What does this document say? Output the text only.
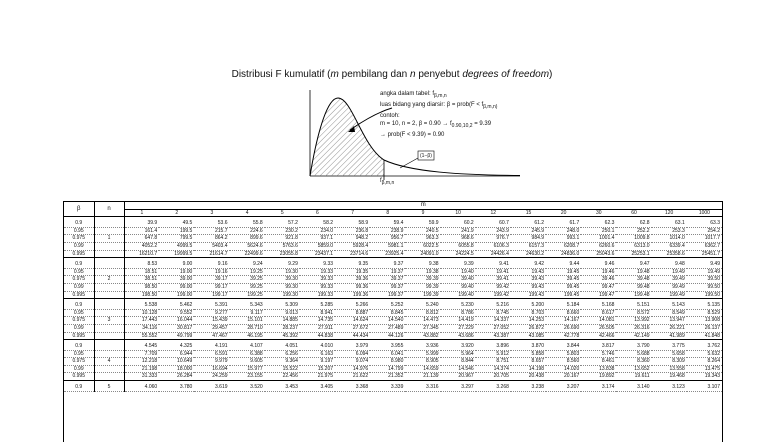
Distribusi F kumulatif (m pembilang dan n penyebut degrees of freedom)
angka dalam tabel: $f_{\beta,m,n}$
luas bidang yang diarsir: β = prob(F < $f_{\beta,m,n)}$
contoh:
m = 10, n = 2, $\beta = 0.90 \to f_{0.90,10,2} = 9.39$
→ prob(F < 9.39) = 0.90
(1−β)
$f_{\beta,m,n}$
β	n	m																
		1	2	3	4	5	6	7	8	9	10	12	15	20	30	60	120	1000

0.9		39.9	49.5	53.6	55.8	57.2	58.2	58.9	59.4	59.9	60.2	60.7	61.2	61.7	62.3	62.8	63.1	63.3
0.95		161.4	199.5	215.7	224.6	230.2	234.0	236.8	238.9	240.5	241.9	243.9	245.9	248.0	250.1	252.2	253.3	254.2
0.975	1	647.8	799.5	864.2	899.6	921.8	937.1	948.2	956.7	963.3	968.6	976.7	984.9	993.1	1001.4	1009.8	1014.0	1017.7
0.99		4052.2	4999.5	5403.4	5624.6	5763.6	5859.0	5928.4	5981.1	6022.5	6055.8	6106.3	6157.3	6208.7	6260.6	6313.0	6339.4	6362.7
0.995		16210.7	19999.5	21614.7	22499.6	23055.8	23437.1	23714.6	23925.4	24091.0	24224.5	24426.4	24630.2	24836.0	25043.6	25253.1	25358.6	25451.7

0.9		8.53	9.00	9.16	9.24	9.29	9.33	9.35	9.37	9.38	9.39	9.41	9.42	9.44	9.46	9.47	9.48	9.49
0.95		18.51	19.00	19.16	19.25	19.30	19.33	19.35	19.37	19.38	19.40	19.41	19.43	19.45	19.46	19.48	19.49	19.49
0.975	2	38.51	39.00	39.17	39.25	39.30	39.33	39.36	39.37	39.39	39.40	39.41	39.43	39.45	39.46	39.48	39.49	39.50
0.99		98.50	99.00	99.17	99.25	99.30	99.33	99.36	99.37	99.39	99.40	99.42	99.43	99.45	99.47	99.48	99.49	99.50
0.995		198.50	199.00	199.17	199.25	199.30	199.33	199.36	199.37	199.39	199.40	199.42	199.43	199.45	199.47	199.48	199.49	199.50

0.9		5.538	5.462	5.391	5.343	5.309	5.285	5.266	5.252	5.240	5.230	5.216	5.200	5.184	5.168	5.151	5.143	5.135
0.95		10.128	9.552	9.277	9.117	9.013	8.941	8.887	8.845	8.812	8.786	8.745	8.703	8.660	8.617	8.572	8.549	8.529
0.975	3	17.443	16.044	15.439	15.101	14.885	14.735	14.624	14.540	14.473	14.419	14.337	14.253	14.167	14.081	13.992	13.947	13.908
0.99		34.116	30.817	29.457	28.710	28.237	27.911	27.672	27.489	27.345	27.229	27.052	26.872	26.690	26.505	26.316	26.221	26.137
0.995		55.552	49.799	47.467	46.195	45.392	44.838	44.434	44.126	43.882	43.686	43.387	43.085	42.778	42.466	42.149	41.989	41.848

0.9		4.545	4.325	4.191	4.107	4.051	4.010	3.979	3.955	3.936	3.920	3.896	3.870	3.844	3.817	3.790	3.775	3.762
0.95		7.709	6.944	6.591	6.388	6.256	6.163	6.094	6.041	5.999	5.964	5.912	5.858	5.803	5.746	5.688	5.658	5.632
0.975	4	12.218	10.649	9.979	9.605	9.364	9.197	9.074	8.980	8.905	8.844	8.751	8.657	8.560	8.461	8.360	8.309	8.264
0.99		21.198	18.000	16.694	15.977	15.522	15.207	14.976	14.799	14.659	14.546	14.374	14.198	14.020	13.838	13.652	13.558	13.475
0.995		31.333	26.284	24.259	23.155	22.456	21.975	21.622	21.352	21.139	20.967	20.705	20.438	20.167	19.892	19.611	19.468	19.343

0.9	5	4.060	3.780	3.619	3.520	3.453	3.405	3.368	3.339	3.316	3.297	3.268	3.238	3.207	3.174	3.140	3.123	3.107
